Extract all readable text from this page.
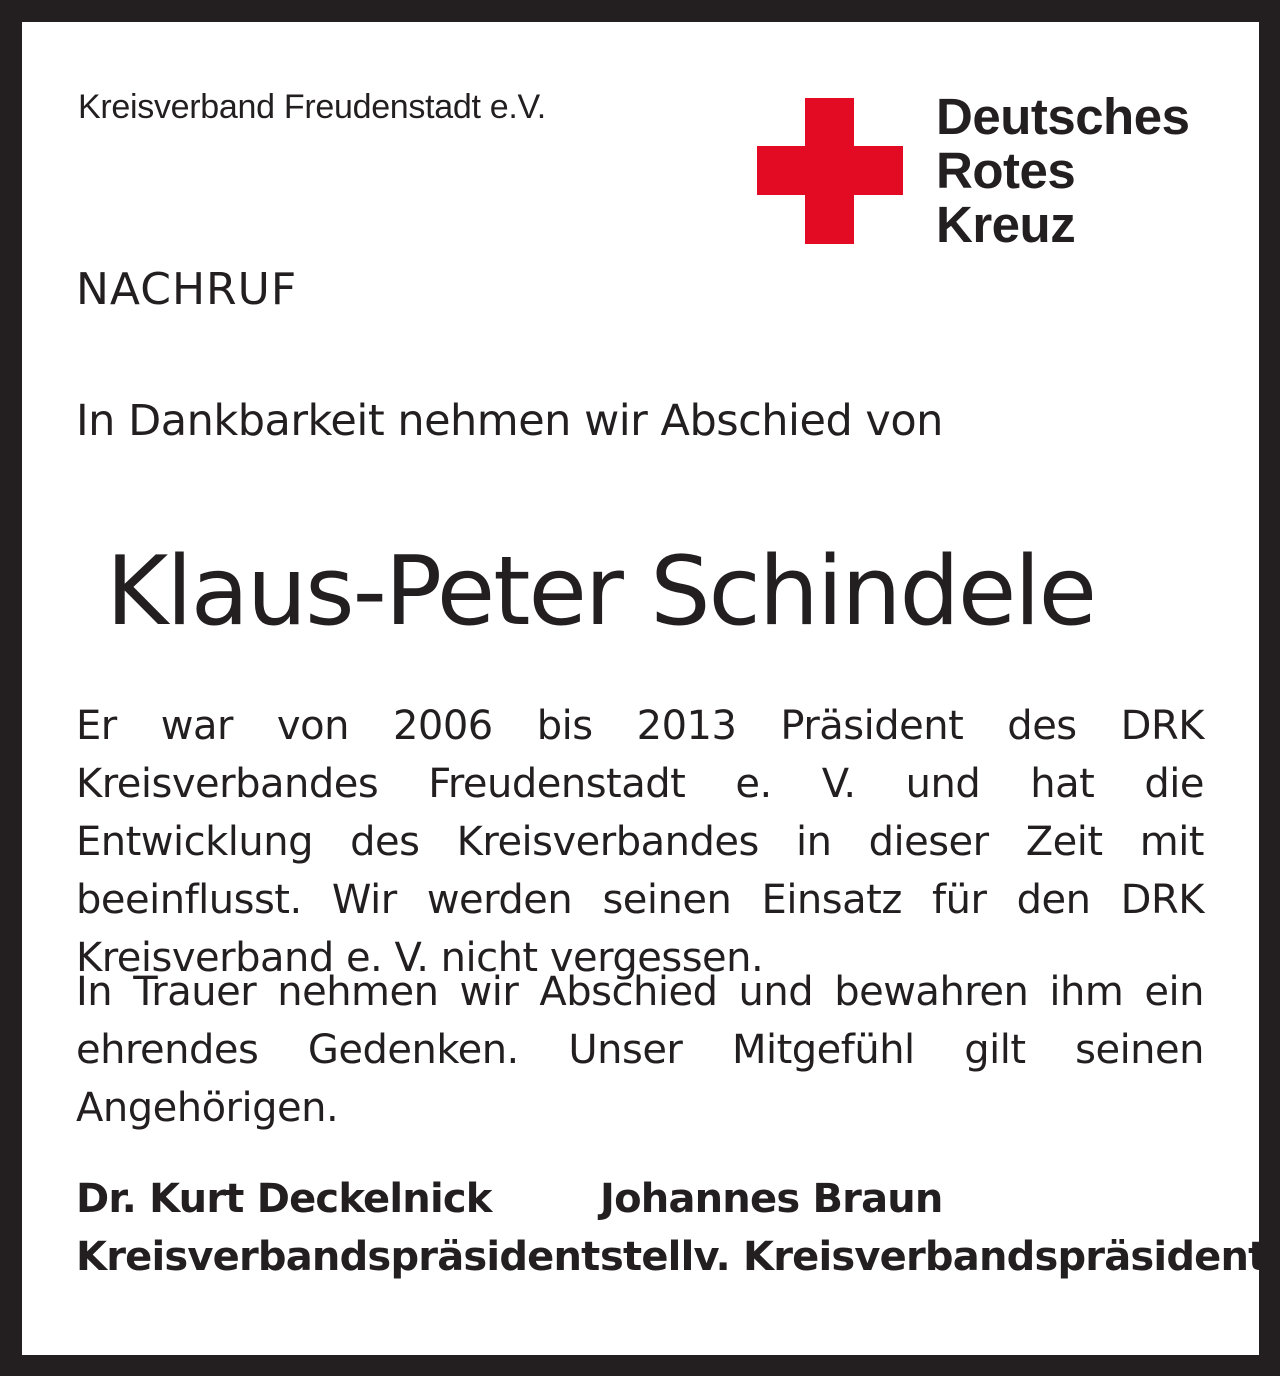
Kreisverband Freudenstadt e.V.	Deutsches
Rotes
Kreuz
NACHRUF
In Dankbarkeit nehmen wir Abschied von
Klaus-Peter Schindele
Er war von 2006 bis 2013 Präsident des DRK Kreisverbandes Freudenstadt e. V. und hat die Entwicklung des Kreisverbandes in dieser Zeit mit beeinflusst. Wir werden seinen Einsatz für den DRK Kreisverband e. V. nicht vergessen.
In Trauer nehmen wir Abschied und bewahren ihm ein ehrendes Gedenken. Unser Mitgefühl gilt seinen Angehörigen.
Dr. Kurt Deckelnick
Kreisverbandspräsident
Johannes Braun
stellv. Kreisverbandspräsident
